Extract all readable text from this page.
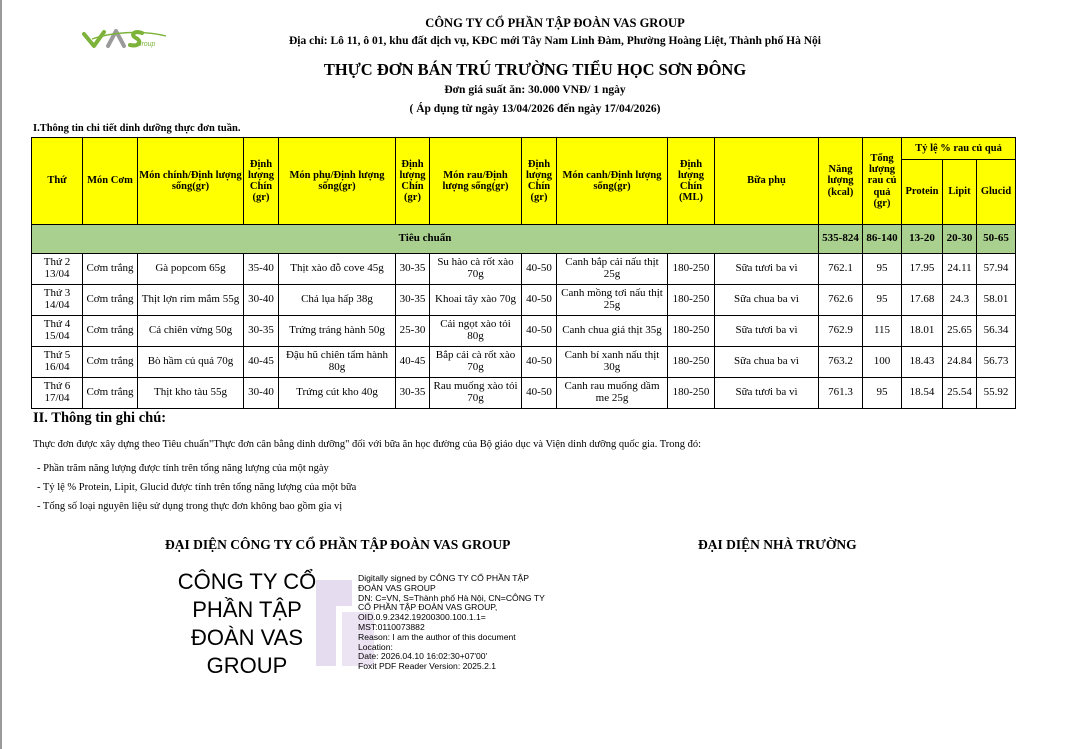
Group
CÔNG TY CỔ PHẦN TẬP ĐOÀN VAS GROUP
Địa chỉ: Lô 11, ô 01, khu đất dịch vụ, KĐC mới Tây Nam Linh Đàm, Phường Hoàng Liệt, Thành phố Hà Nội
THỰC ĐƠN BÁN TRÚ TRƯỜNG TIỂU HỌC SƠN ĐÔNG
Đơn giá suất ăn: 30.000 VNĐ/ 1 ngày
( Áp dụng từ ngày 13/04/2026 đến ngày 17/04/2026)
I.Thông tin chi tiết dinh dưỡng thực đơn tuần.
Thứ	Món Cơm	Món chính/Định lượng sống(gr)	Định lượng Chín (gr)	Món phụ/Định lượng sống(gr)	Định lượng Chín (gr)	Món rau/Định lượng sống(gr)	Định lượng Chín (gr)	Món canh/Định lượng sống(gr)	Định lượng Chín (ML)	Bữa phụ	Năng lượng (kcal)	Tổng lượng rau củ quả (gr)	Tỷ lệ % rau củ quả		
													Protein	Lipit	Glucid
Tiêu chuẩn											535-824	86-140	13-20	20-30	50-65
Thứ 2 13/04	Cơm trắng	Gà popcom 65g	35-40	Thịt xào đỗ cove 45g	30-35	Su hào cà rốt xào 70g	40-50	Canh bắp cải nấu thịt 25g	180-250	Sữa tươi ba vì	762.1	95	17.95	24.11	57.94
Thứ 3 14/04	Cơm trắng	Thịt lợn rim mắm 55g	30-40	Chả lụa hấp 38g	30-35	Khoai tây xào 70g	40-50	Canh mồng tơi nấu thịt 25g	180-250	Sữa chua ba vì	762.6	95	17.68	24.3	58.01
Thứ 4 15/04	Cơm trắng	Cá chiên vừng 50g	30-35	Trứng tráng hành 50g	25-30	Cải ngọt xào tỏi 80g	40-50	Canh chua giá thịt 35g	180-250	Sữa tươi ba vì	762.9	115	18.01	25.65	56.34
Thứ 5 16/04	Cơm trắng	Bò hầm củ quả 70g	40-45	Đậu hũ chiên tẩm hành 80g	40-45	Bắp cải cà rốt xào 70g	40-50	Canh bí xanh nấu thịt 30g	180-250	Sữa chua ba vì	763.2	100	18.43	24.84	56.73
Thứ 6 17/04	Cơm trắng	Thịt kho tàu 55g	30-40	Trứng cút kho 40g	30-35	Rau muống xào tỏi 70g	40-50	Canh rau muống dầm me 25g	180-250	Sữa tươi ba vì	761.3	95	18.54	25.54	55.92
II. Thông tin ghi chú:
Thực đơn được xây dựng theo Tiêu chuẩn"Thực đơn cân bằng dinh dưỡng" đối với bữa ăn học đường của Bộ giáo dục và Viện dinh dưỡng quốc gia. Trong đó:
- Phần trăm năng lượng được tính trên tổng năng lượng của một ngày
- Tỷ lệ % Protein, Lipit, Glucid được tính trên tổng năng lượng của một bữa
- Tổng số loại nguyên liệu sử dụng trong thực đơn không bao gồm gia vị
ĐẠI DIỆN CÔNG TY CỔ PHẦN TẬP ĐOÀN VAS GROUP	ĐẠI DIỆN NHÀ TRƯỜNG
CÔNG TY CỔ PHẦN TẬP ĐOÀN VAS GROUP
Digitally signed by CÔNG TY CỔ PHẦN TẬP
ĐOÀN VAS GROUP
DN: C=VN, S=Thành phố Hà Nội, CN=CÔNG TY
CỔ PHẦN TẬP ĐOÀN VAS GROUP,
OID.0.9.2342.19200300.100.1.1=
MST:0110073882
Reason: I am the author of this document
Location:
Date: 2026.04.10 16:02:30+07'00'
Foxit PDF Reader Version: 2025.2.1
